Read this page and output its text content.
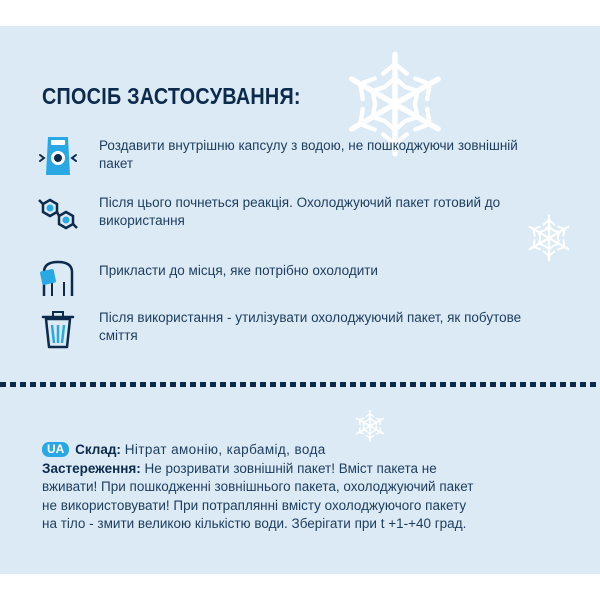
СПОСІБ ЗАСТОСУВАННЯ:
Роздавити внутрішню капсулу з водою, не пошкоджуючи зовнішній пакет
Після цього почнеться реакція. Охолоджуючий пакет готовий до використання
Прикласти до місця, яке потрібно охолодити
Після використання - утилізувати охолоджуючий пакет, як побутове сміття
UA Склад: Нітрат амонію, карбамід, вода
Застереження: Не розривати зовнішній пакет! Вміст пакета не вживати! При пошкодженні зовнішнього пакета, охолоджуючий пакет не використовувати! При потраплянні вмісту охолоджуючого пакету на тіло - змити великою кількістю води. Зберігати при t +1-+40 град.
